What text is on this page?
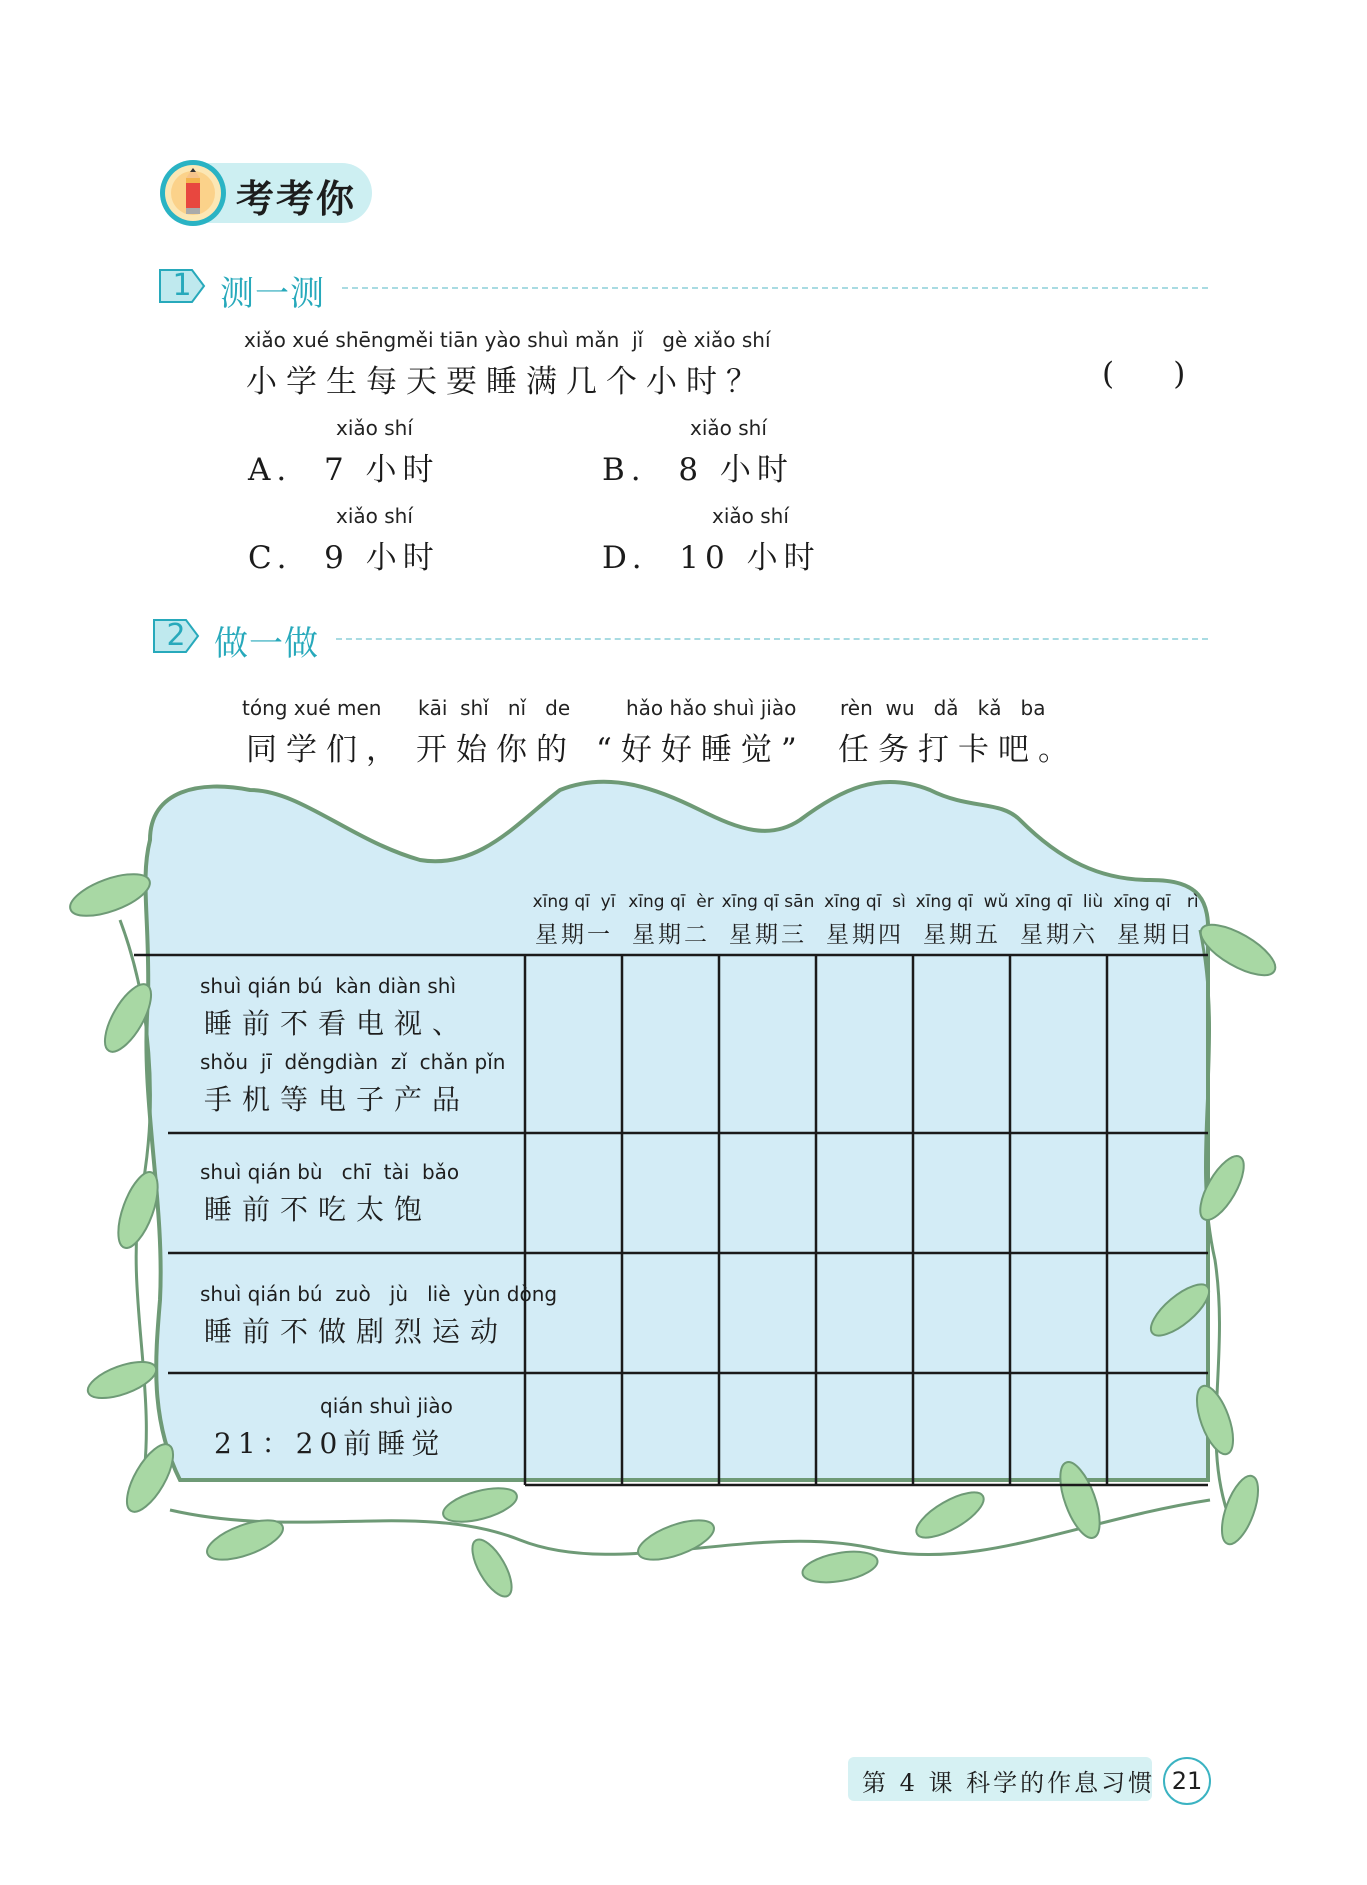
考考你
1 测一测
xiǎo xué shēngměi tiān yào shuì mǎn  jǐ   gè xiǎo shí
小学生每天要睡满几个小时？	(      )
xiǎo shí
A.  7 小时
xiǎo shí
B.  8 小时
xiǎo shí
C.  9 小时
xiǎo shí
D.  10 小时
2 做一做
tóng xué men kāi  shǐ   nǐ   de	hǎo hǎo shuì jiào rèn  wu   dǎ   kǎ   ba
同学们， 开始你的 “好好睡觉” 任务打卡吧。
xīng qī  yī
星期一
xīng qī  èr
星期二
xīng qī sān
星期三
xīng qī  sì
星期四
xīng qī  wǔ
星期五
xīng qī  liù
星期六
xīng qī   rì
星期日
shuì qián bú  kàn diàn shì
睡前不看电视、
shǒu  jī  děngdiàn  zǐ  chǎn pǐn
手机等电子产品
shuì qián bù   chī  tài  bǎo
睡前不吃太饱
shuì qián bú  zuò   jù   liè  yùn dòng
睡前不做剧烈运动
qián shuì jiào
21：20前睡觉
第 4 课 科学的作息习惯 21
